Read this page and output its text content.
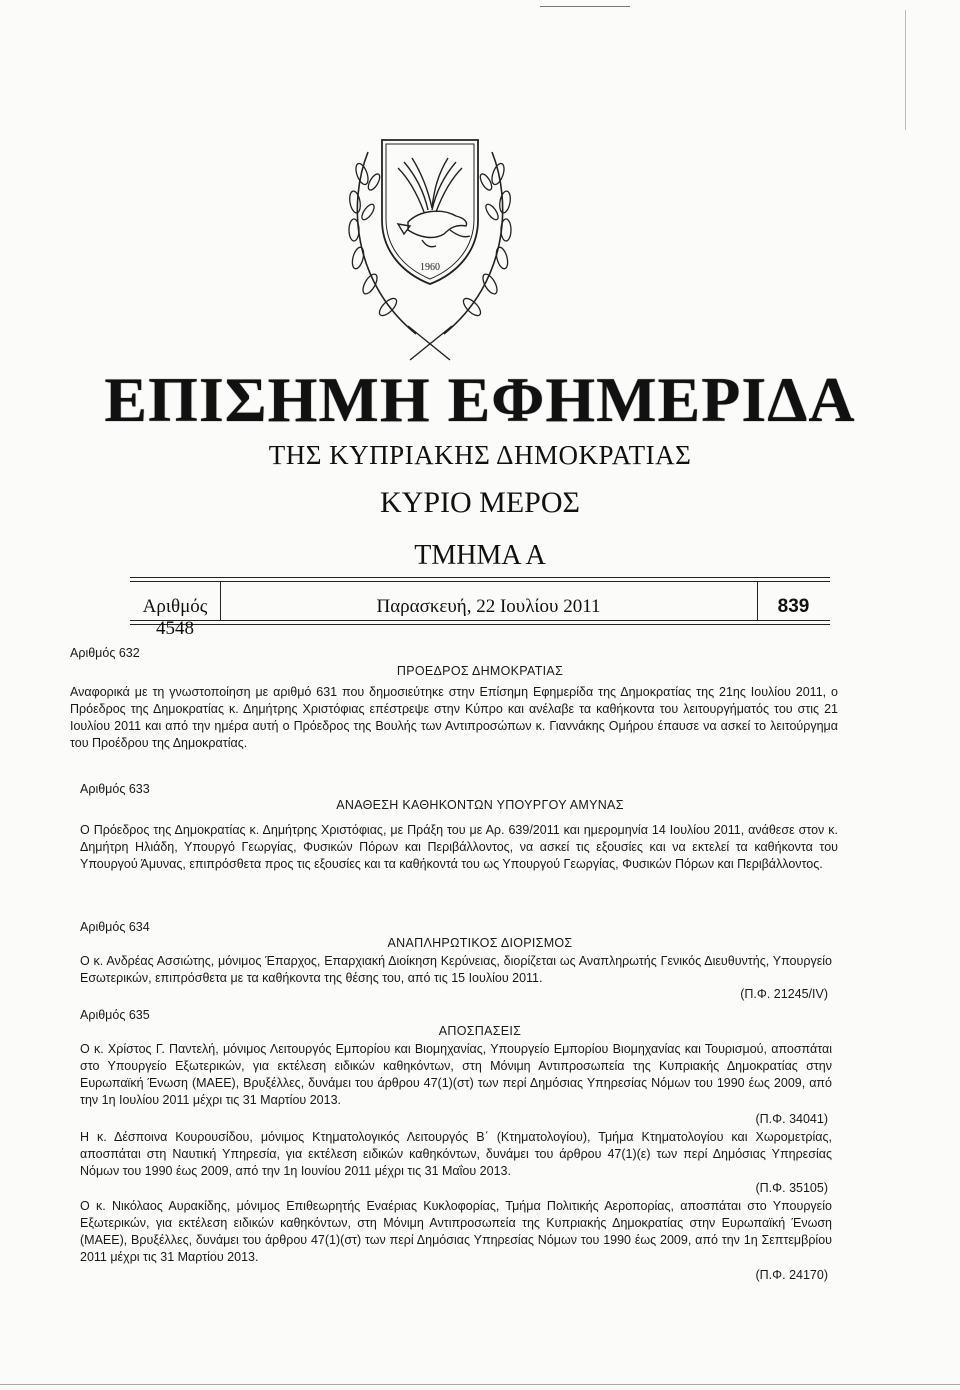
1960
ΕΠΙΣΗΜΗ ΕΦΗΜΕΡΙΔΑ
ΤΗΣ ΚΥΠΡΙΑΚΗΣ ΔΗΜΟΚΡΑΤΙΑΣ
ΚΥΡΙΟ ΜΕΡΟΣ
ΤΜΗΜΑ Α
Αριθμός 4548
Παρασκευή, 22 Ιουλίου 2011	839
Αριθμός 632
ΠΡΟΕΔΡΟΣ ΔΗΜΟΚΡΑΤΙΑΣ

Αναφορικά με τη γνωστοποίηση με αριθμό 631 που δημοσιεύτηκε στην Επίσημη Εφημερίδα της Δημοκρατίας της 21ης Ιουλίου 2011, ο Πρόεδρος της Δημοκρατίας κ. Δημήτρης Χριστόφιας επέστρεψε στην Κύπρο και ανέλαβε τα καθήκοντα του λειτουργήματός του στις 21 Ιουλίου 2011 και από την ημέρα αυτή ο Πρόεδρος της Βουλής των Αντιπροσώπων κ. Γιαννάκης Ομήρου έπαυσε να ασκεί το λειτούργημα του Προέδρου της Δημοκρατίας.

Αριθμός 633
ΑΝΑΘΕΣΗ ΚΑΘΗΚΟΝΤΩΝ ΥΠΟΥΡΓΟΥ ΑΜΥΝΑΣ

Ο Πρόεδρος της Δημοκρατίας κ. Δημήτρης Χριστόφιας, με Πράξη του με Αρ. 639/2011 και ημερομηνία 14 Ιουλίου 2011, ανάθεσε στον κ. Δημήτρη Ηλιάδη, Υπουργό Γεωργίας, Φυσικών Πόρων και Περιβάλλοντος, να ασκεί τις εξουσίες και να εκτελεί τα καθήκοντα του Υπουργού Άμυνας, επιπρόσθετα προς τις εξουσίες και τα καθήκοντά του ως Υπουργού Γεωργίας, Φυσικών Πόρων και Περιβάλλοντος.

Αριθμός 634
ΑΝΑΠΛΗΡΩΤΙΚΟΣ ΔΙΟΡΙΣΜΟΣ

Ο κ. Ανδρέας Ασσιώτης, μόνιμος Έπαρχος, Επαρχιακή Διοίκηση Κερύνειας, διορίζεται ως Αναπληρωτής Γενικός Διευθυντής, Υπουργείο Εσωτερικών, επιπρόσθετα με τα καθήκοντα της θέσης του, από τις 15 Ιουλίου 2011.

(Π.Φ. 21245/IV)
Αριθμός 635
ΑΠΟΣΠΑΣΕΙΣ

Ο κ. Χρίστος Γ. Παντελή, μόνιμος Λειτουργός Εμπορίου και Βιομηχανίας, Υπουργείο Εμπορίου Βιομηχανίας και Τουρισμού, αποσπάται στο Υπουργείο Εξωτερικών, για εκτέλεση ειδικών καθηκόντων, στη Μόνιμη Αντιπροσωπεία της Κυπριακής Δημοκρατίας στην Ευρωπαϊκή Ένωση (ΜΑΕΕ), Βρυξέλλες, δυνάμει του άρθρου 47(1)(στ) των περί Δημόσιας Υπηρεσίας Νόμων του 1990 έως 2009, από την 1η Ιουλίου 2011 μέχρι τις 31 Μαρτίου 2013.

(Π.Φ. 34041)

Η κ. Δέσποινα Κουρουσίδου, μόνιμος Κτηματολογικός Λειτουργός Β΄ (Κτηματολογίου), Τμήμα Κτηματολογίου και Χωρομετρίας, αποσπάται στη Ναυτική Υπηρεσία, για εκτέλεση ειδικών καθηκόντων, δυνάμει του άρθρου 47(1)(ε) των περί Δημόσιας Υπηρεσίας Νόμων του 1990 έως 2009, από την 1η Ιουνίου 2011 μέχρι τις 31 Μαΐου 2013.

(Π.Φ. 35105)

Ο κ. Νικόλαος Αυρακίδης, μόνιμος Επιθεωρητής Εναέριας Κυκλοφορίας, Τμήμα Πολιτικής Αεροπορίας, αποσπάται στο Υπουργείο Εξωτερικών, για εκτέλεση ειδικών καθηκόντων, στη Μόνιμη Αντιπροσωπεία της Κυπριακής Δημοκρατίας στην Ευρωπαϊκή Ένωση (ΜΑΕΕ), Βρυξέλλες, δυνάμει του άρθρου 47(1)(στ) των περί Δημόσιας Υπηρεσίας Νόμων του 1990 έως 2009, από την 1η Σεπτεμβρίου 2011 μέχρι τις 31 Μαρτίου 2013.

(Π.Φ. 24170)
